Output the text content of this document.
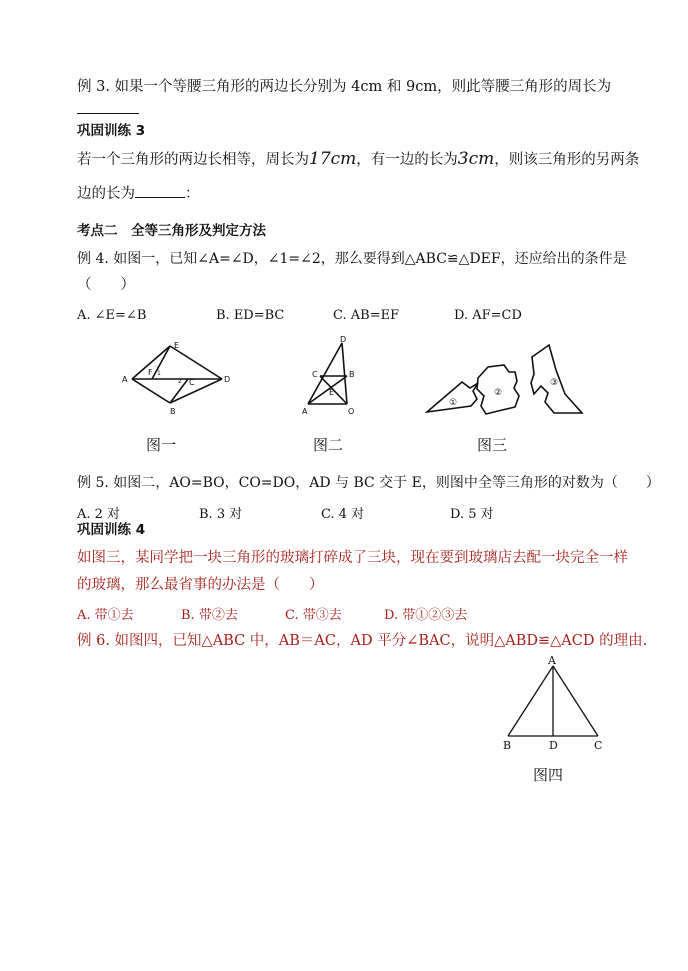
例 3. 如果一个等腰三角形的两边长分别为 4cm 和 9cm，则此等腰三角形的周长为
巩固训练 3
若一个三角形的两边长相等，周长为17cm，有一边的长为3cm，则该三角形的另两条
边的长为	：
考点二　全等三角形及判定方法
例 4. 如图一，已知∠A=∠D，∠1=∠2，那么要得到△ABC≌△DEF，还应给出的条件是
（　　）
A. ∠E=∠B	B. ED=BC	C. AB=EF	D. AF=CD
E
F 1
2
A	C	D
B
图一
D
C	B
E
A	O
图二
①
②
③
图三
例 5. 如图二，AO=BO，CO=DO，AD 与 BC 交于 E，则图中全等三角形的对数为（　　）
A. 2 对	B. 3 对	C. 4 对	D. 5 对
巩固训练 4
如图三，某同学把一块三角形的玻璃打碎成了三块，现在要到玻璃店去配一块完全一样
的玻璃，那么最省事的办法是（　　）
A. 带①去	B. 带②去	C. 带③去	D. 带①②③去
例 6. 如图四，已知△ABC 中，AB＝AC，AD 平分∠BAC，说明△ABD≌△ACD 的理由.
A
B	D	C
图四
